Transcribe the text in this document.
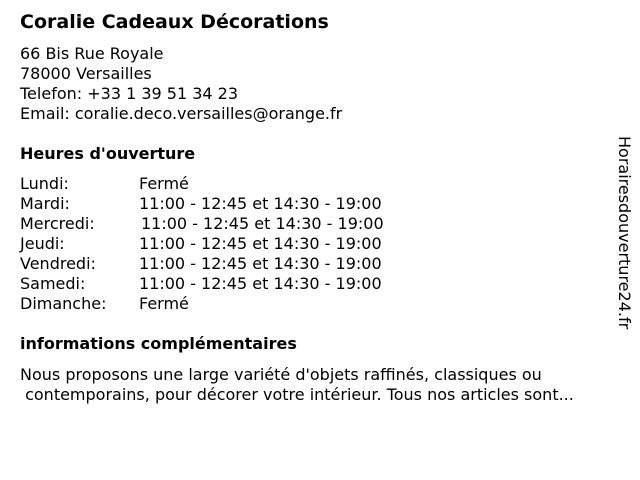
Coralie Cadeaux Décorations
66 Bis Rue Royale
78000 Versailles
Telefon: +33 1 39 51 34 23
Email: coralie.deco.versailles@orange.fr
Heures d'ouverture
Lundi:	Fermé
Mardi:	11:00 - 12:45 et 14:30 - 19:00
Mercredi:	11:00 - 12:45 et 14:30 - 19:00
Jeudi:	11:00 - 12:45 et 14:30 - 19:00
Vendredi:	11:00 - 12:45 et 14:30 - 19:00
Samedi:	11:00 - 12:45 et 14:30 - 19:00
Dimanche: Fermé
informations complémentaires
Nous proposons une large variété d'objets raffinés, classiques ou
contemporains, pour décorer votre intérieur. Tous nos articles sont...
Horairesdouverture24.fr
